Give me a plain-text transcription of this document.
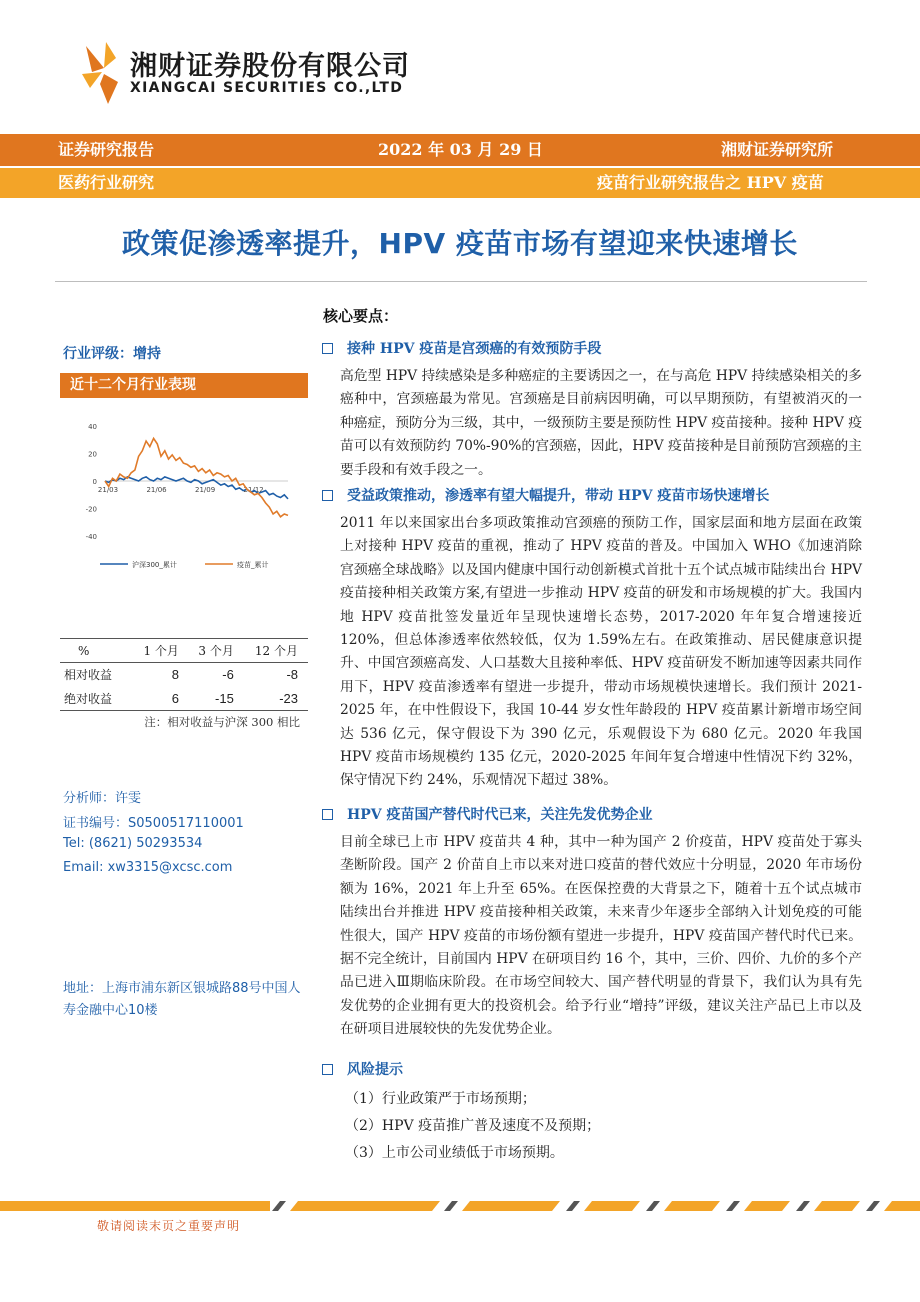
湘财证券股份有限公司
XIANGCAI SECURITIES CO.,LTD
证券研究报告	2022 年 03 月 29 日	湘财证券研究所
医药行业研究	疫苗行业研究报告之 HPV 疫苗
政策促渗透率提升，HPV 疫苗市场有望迎来快速增长

行业评级：增持
近十二个月行业表现
40
20
0
-20
-40
21/03	21/06	21/09	21/12
沪深300_累计	疫苗_累计
%	1 个月	3 个月	12 个月
相对收益	8	-6	-8
绝对收益	6	-15	-23
注：相对收益与沪深 300 相比
分析师：许雯
证书编号：S0500517110001
Tel: (8621) 50293534
Email: xw3315@xcsc.com
地址：上海市浦东新区银城路88号中国人寿金融中心10楼
核心要点：
接种 HPV 疫苗是宫颈癌的有效预防手段
高危型 HPV 持续感染是多种癌症的主要诱因之一，在与高危 HPV 持续感染相关的多癌种中，宫颈癌最为常见。宫颈癌是目前病因明确，可以早期预防，有望被消灭的一种癌症，预防分为三级，其中，一级预防主要是预防性 HPV 疫苗接种。接种 HPV 疫苗可以有效预防约 70%-90%的宫颈癌，因此，HPV 疫苗接种是目前预防宫颈癌的主要手段和有效手段之一。
受益政策推动，渗透率有望大幅提升，带动 HPV 疫苗市场快速增长
2011 年以来国家出台多项政策推动宫颈癌的预防工作，国家层面和地方层面在政策上对接种 HPV 疫苗的重视，推动了 HPV 疫苗的普及。中国加入 WHO《加速消除宫颈癌全球战略》以及国内健康中国行动创新模式首批十五个试点城市陆续出台 HPV 疫苗接种相关政策方案,有望进一步推动 HPV 疫苗的研发和市场规模的扩大。我国内地 HPV 疫苗批签发量近年呈现快速增长态势，2017-2020 年年复合增速接近 120%，但总体渗透率依然较低，仅为 1.59%左右。在政策推动、居民健康意识提升、中国宫颈癌高发、人口基数大且接种率低、HPV 疫苗研发不断加速等因素共同作用下，HPV 疫苗渗透率有望进一步提升，带动市场规模快速增长。我们预计 2021-2025 年，在中性假设下，我国 10-44 岁女性年龄段的 HPV 疫苗累计新增市场空间达 536 亿元，保守假设下为 390 亿元，乐观假设下为 680 亿元。2020 年我国 HPV 疫苗市场规模约 135 亿元，2020-2025 年间年复合增速中性情况下约 32%，保守情况下约 24%，乐观情况下超过 38%。
HPV 疫苗国产替代时代已来，关注先发优势企业
目前全球已上市 HPV 疫苗共 4 种，其中一种为国产 2 价疫苗，HPV 疫苗处于寡头垄断阶段。国产 2 价苗自上市以来对进口疫苗的替代效应十分明显，2020 年市场份额为 16%，2021 年上升至 65%。在医保控费的大背景之下，随着十五个试点城市陆续出台并推进 HPV 疫苗接种相关政策，未来青少年逐步全部纳入计划免疫的可能性很大，国产 HPV 疫苗的市场份额有望进一步提升，HPV 疫苗国产替代时代已来。据不完全统计，目前国内 HPV 在研项目约 16 个，其中，三价、四价、九价的多个产品已进入Ⅲ期临床阶段。在市场空间较大、国产替代明显的背景下，我们认为具有先发优势的企业拥有更大的投资机会。给予行业“增持”评级，建议关注产品已上市以及在研项目进展较快的先发优势企业。
风险提示
（1）行业政策严于市场预期；
（2）HPV 疫苗推广普及速度不及预期；
（3）上市公司业绩低于市场预期。
敬请阅读末页之重要声明
